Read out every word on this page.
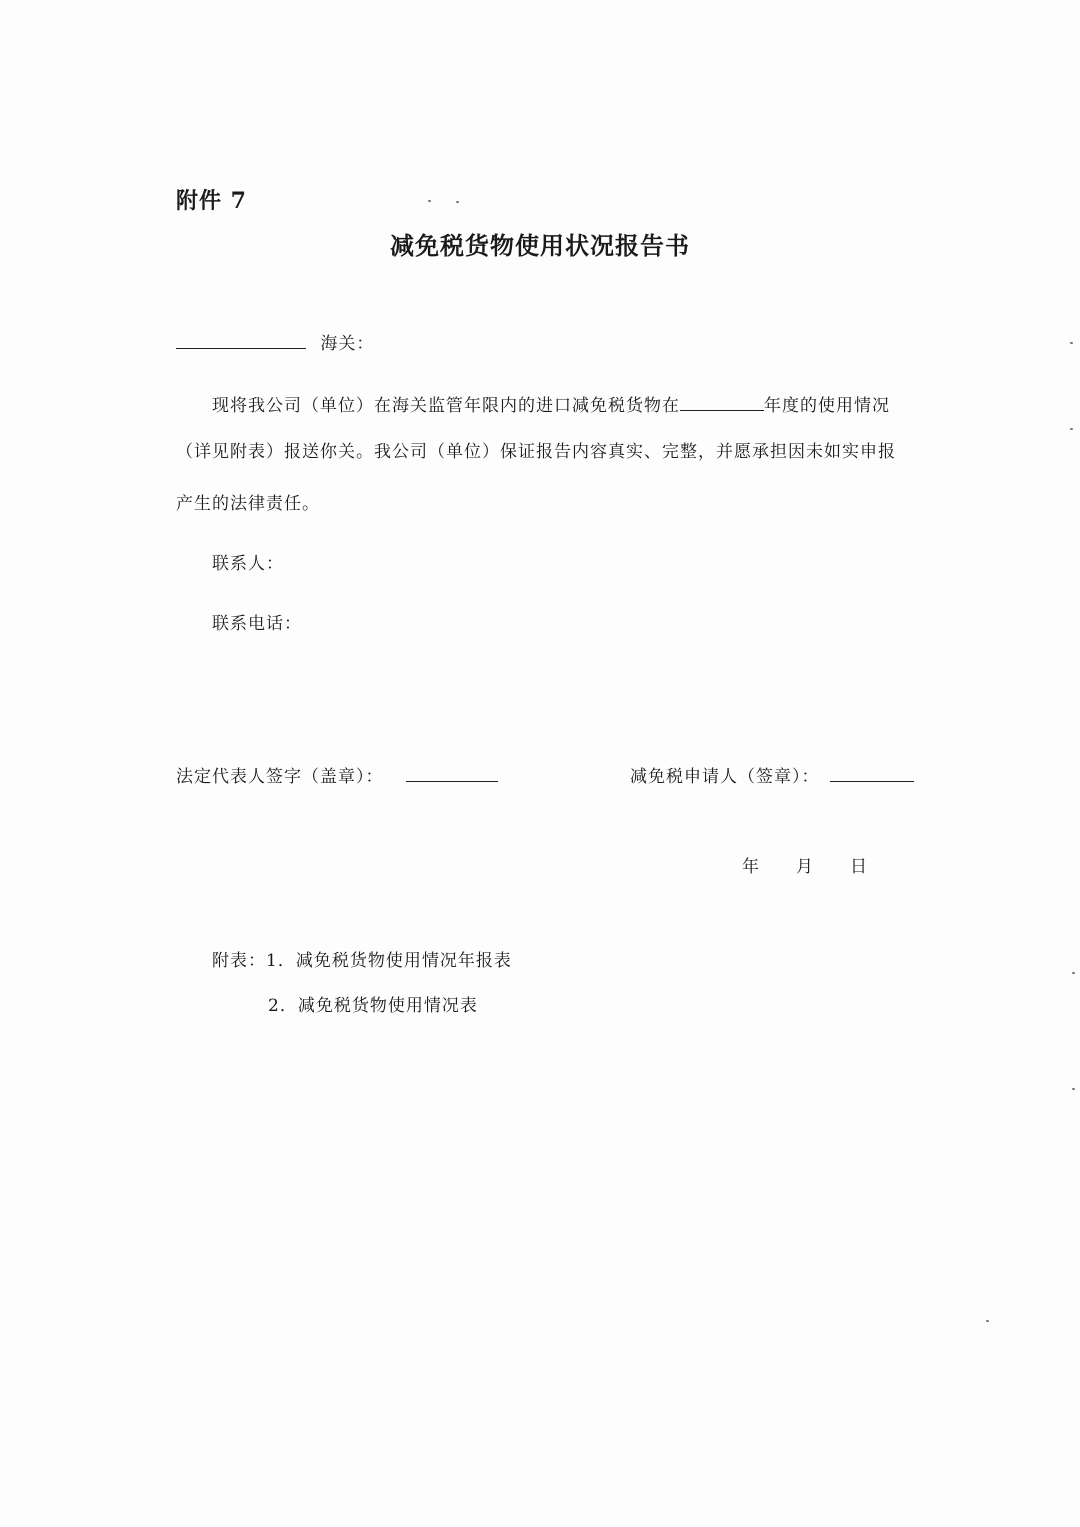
附件 7
减免税货物使用状况报告书
海关：
现将我公司（单位）在海关监管年限内的进口减免税货物在	年度的使用情况
（详见附表）报送你关。我公司（单位）保证报告内容真实、完整，并愿承担因未如实申报
产生的法律责任。
联系人：
联系电话：
法定代表人签字（盖章）：	减免税申请人（签章）：
年 月 日
附表：1．减免税货物使用情况年报表
2．减免税货物使用情况表
